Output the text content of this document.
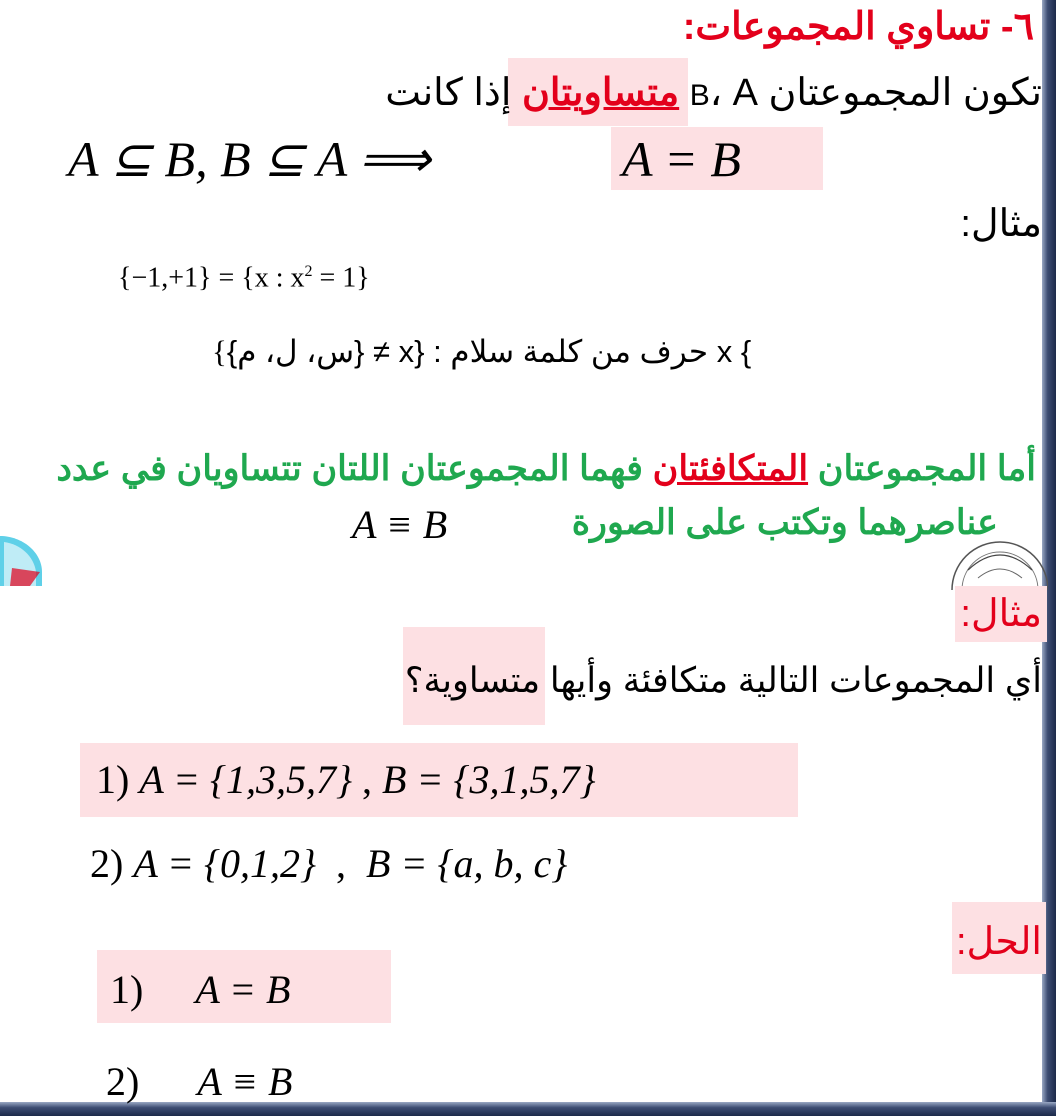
٦- تساوي المجموعات:
تكون المجموعتان B، A متساويتان إذا كانت
A ⊆ B, B ⊆ A ⟹	A = B
مثال:
{−1,+1} = {x : $x^2 = 1$}
{{س، ل، م} ≠ x} حرف من كلمة سلام : x {
أما المجموعتان المتكافئتان فهما المجموعتان اللتان تتساويان في عدد
عناصرهما وتكتب على الصورة
A ≡ B
مثال:
أي المجموعات التالية متكافئة وأيها متساوية؟
1) A = {1,3,5,7} , B = {3,1,5,7}
2) A = {0,1,2}  ,  B = {a, b, c}
الحل:
1) A = B
2) A ≡ B
